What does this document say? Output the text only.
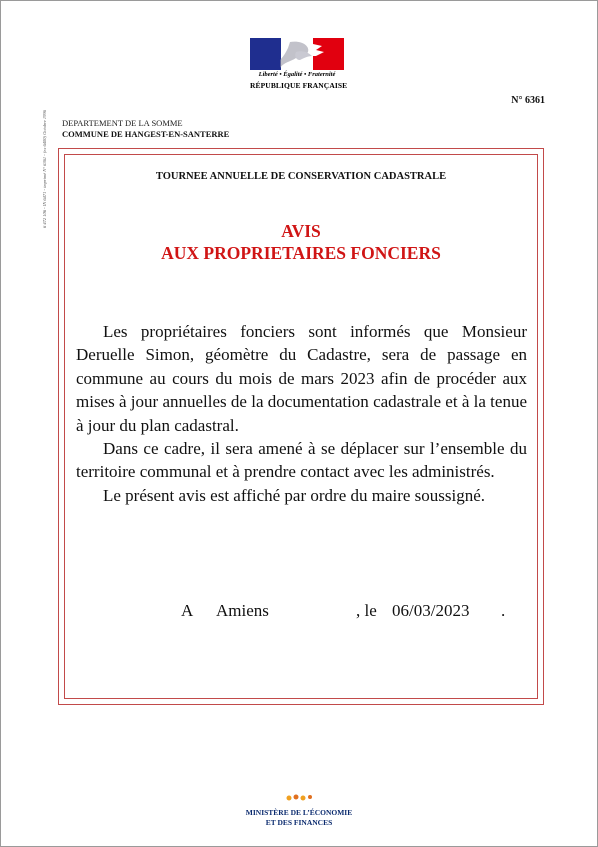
Liberté • Égalité • Fraternité
RÉPUBLIQUE FRANÇAISE
6 472 106 - IN 6471 - imprimé N° 6361 - (ex 6400) Octobre 1996
N° 6361
DEPARTEMENT DE LA SOMME
COMMUNE DE HANGEST-EN-SANTERRE
TOURNEE ANNUELLE DE CONSERVATION CADASTRALE
AVIS
AUX PROPRIETAIRES FONCIERS

Les propriétaires fonciers sont informés que Monsieur Deruelle Simon, géomètre du Cadastre, sera de passage en commune au cours du mois de mars 2023 afin de procéder aux mises à jour annuelles de la documentation cadastrale et à la tenue à jour du plan cadastral.

Dans ce cadre, il sera amené à se déplacer sur l’ensemble du territoire communal et à prendre contact avec les administrés.

Le présent avis est affiché par ordre du maire soussigné.

A Amiens	, le 06/03/2023 .
MINISTÈRE DE L’ÉCONOMIE
ET DES FINANCES
